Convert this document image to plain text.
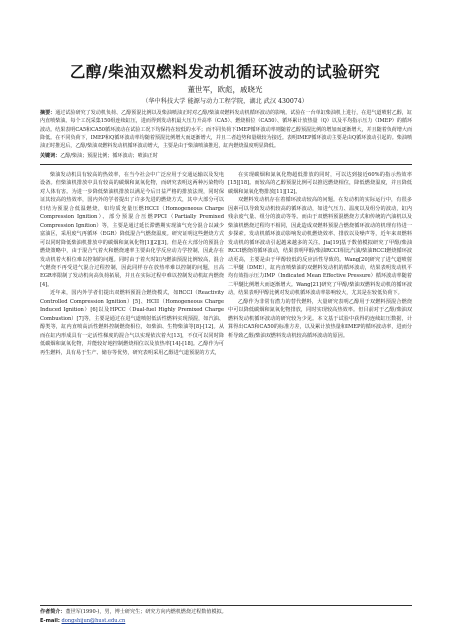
乙醇/柴油双燃料发动机循环波动的试验研究
董世军，欧彪，戚晓光
（华中科技大学 能源与动力工程学院，湖北 武汉 430074）
摘要：通过试验研究了发动机负荷、乙醇预混比例以及柴油喷油正时对乙醇/柴油双燃料发动机循环波动的影响。试验在一台单缸柴油机上进行，在进气道喷射乙醇，缸内直喷柴油。每个工况采集150组连续缸压，进而得到发动机最大压力升高率（CA5）、燃烧相位（CA50）、循环累计放热量（Q）以及平均指示压力（IMEP）的循环波动。结果表明CA5和CA50循环波动在试验工况下均保持在较低的水平；而不同负荷下IMEP循环波动率则随着乙醇预混比例的增加而逐渐增大，并且随着负荷增大而降低。在不同负荷下，IMEP和Q循环波动率均随着预混比例增大而逐渐增大，并且二者趋势和量级较为接近。表明IMEP循环波动主要是由Q循环波动引起的。柴油喷油正时推迟后，乙醇/柴油双燃料发动机循环波动增大，主要是由于柴油喷油推迟，缸内燃烧温度明显降低。
关键词：乙醇/柴油；预混比例；循环波动；喷油正时

柴油发动机具有较高的热效率，在当今社会中广泛应用于交通运输以及发电设备。但柴油机排放中具有较高的碳烟和氮氧化物，而研究表明这两种污染物均对人体有害。为进一步降低柴油机排放以满足今后日益严格的排放法规，同时保证其较高的热效率，国内外的学者提出了许多先进的燃烧方式，其中大部分可以归结为预混合低温燃烧，如均质充量压燃HCCI（Homogeneous Charge Compression Ignition）、部分预混合压燃PPCI（Partially Premixed Compression Ignition）等，主要是通过延长滞燃期实现油气充分混合以减少富油区，采用废气再循环（EGR）降低混合气燃烧温度。研究证明这些燃烧方式可以同时降低柴油机排放中的碳烟和氮氧化物[1][2][3]。但是在大部分的预混合燃烧策略中，由于混合气着火和燃烧速率主要由化学反应动力学控制，因此存在发动机着火相位难以控制的问题。同时由于着火时缸内燃油预混比例较高，混合气燃烧不再受进气混合过程控制，因此同样存在放热率难以控制的问题，且高EGR率限制了发动机向高负荷拓展，并且在实际过程中难以控制发动机缸内燃烧[4]。

近年来，国内外学者们提出双燃料预混合燃烧模式，如RCCI（Reactivity Controlled Compression Ignition）[5]、HCII（Homogeneous Charge Induced Ignition）[6]以及HPCC（Dual-fuel Highly Premixed Charge Combustion）[7]等，主要是通过在进气道喷射低活性燃料实现预混，如汽油、醇类等，缸内直喷高活性燃料控制燃烧相位，如柴油、生物柴油等[8]-[12]。从而在缸内形成具有一定活性梯度的混合气以实现依次着火[13]，不仅可以同时降低碳烟和氮氧化物，并能较好地控制燃烧相位以及放热率[14]-[18]。乙醇作为可再生燃料，具有易于生产、储存等优势，研究表明采用乙醇进气道预混的方式，

在实现碳烟和氮氧化物超低排放的同时，可以达到接近60%的指示热效率[15][18]。而较高的乙醇预混比例可以推迟燃烧相位，降低燃烧温度，并且降低碳烟和氮氧化物排放[11][12]。

双燃料发动机存在着循环波动较高的问题。在发动机的实际运行中，有很多因素可以导致发动机较高的循环波动，如进气压力、温度以及组分的波动，缸内残余废气量、组分的波动等等。而由于双燃料预混燃烧方式和传统的汽油机以及柴油机燃烧过程均不相同，因此造成双燃料预混合燃烧循环波动的机理有待进一步探索。发动机循环波动影响发动机燃烧效率、排放以及噪声等，近年来双燃料发动机的循环波动引起越来越多的关注。Jia[19]基于数值模拟研究了甲醇/柴油RCCI燃烧的循环波动，结果表明甲醇/柴油RCCI相比汽油/柴油RCCI燃烧循环波动更高，主要是由于甲醇较低的反应活性导致的。Wang[20]研究了进气道喷射二甲醚（DME），缸内直喷柴油的双燃料发动机的循环波动，结果表明发动机平均有效指示压力IMP（Indicated Mean Effective Pressure）循环波动率随着二甲醚比例增大而逐渐增大。Wang[21]研究了甲醇/柴油双燃料发动机的循环波动，结果表明甲醇比例对发动机循环波动率影响较大，尤其是在较低负荷下。

乙醇作为非常有潜力的替代燃料，大量研究表明乙醇用于双燃料预混合燃烧中可以降低碳烟和氮氧化物排放，同时实现较高热效率。但目前对于乙醇/柴油双燃料发动机循环波动的研究较为少见。本文基于试验中获得的连续缸压数据，计算得出CA5和CA50的标准方差，以及累计放热量和IMEP的循环波动率，进而分析导致乙醇/柴油双燃料发动机较高循环波动的原因。

作者简介：董世军(1990-)，男，博士研究生；研究方向内燃机燃烧过程数值模拟。
E-mail: dongshijun@hust.edu.cn
